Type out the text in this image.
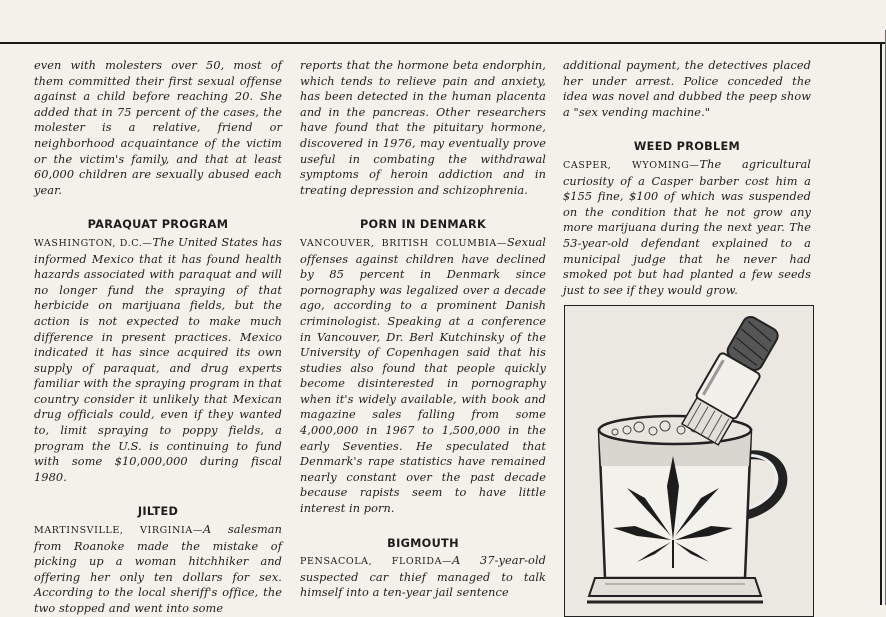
even with molesters over 50, most of them committed their first sexual offense against a child before reaching 20. She added that in 75 percent of the cases, the molester is a relative, friend or neighborhood acquaintance of the victim or the victim's family, and that at least 60,000 children are sexually abused each year.

PARAQUAT PROGRAM

WASHINGTON, D.C.—The United States has informed Mexico that it has found health hazards associated with paraquat and will no longer fund the spraying of that herbicide on marijuana fields, but the action is not expected to make much difference in present practices. Mexico indicated it has since acquired its own supply of paraquat, and drug experts familiar with the spraying program in that country consider it unlikely that Mexican drug officials could, even if they wanted to, limit spraying to poppy fields, a program the U.S. is continuing to fund with some $10,000,000 during fiscal 1980.

JILTED

MARTINSVILLE, VIRGINIA—A salesman from Roanoke made the mistake of picking up a woman hitchhiker and offering her only ten dollars for sex. According to the local sheriff's office, the two stopped and went into some

reports that the hormone beta endorphin, which tends to relieve pain and anxiety, has been detected in the human placenta and in the pancreas. Other researchers have found that the pituitary hormone, discovered in 1976, may eventually prove useful in combating the withdrawal symptoms of heroin addiction and in treating depression and schizophrenia.

PORN IN DENMARK

VANCOUVER, BRITISH COLUMBIA—Sexual offenses against children have declined by 85 percent in Denmark since pornography was legalized over a decade ago, according to a prominent Danish criminologist. Speaking at a conference in Vancouver, Dr. Berl Kutchinsky of the University of Copenhagen said that his studies also found that people quickly become disinterested in pornography when it's widely available, with book and magazine sales falling from some 4,000,000 in 1967 to 1,500,000 in the early Seventies. He speculated that Denmark's rape statistics have remained nearly constant over the past decade because rapists seem to have little interest in porn.

BIGMOUTH

PENSACOLA, FLORIDA—A 37-year-old suspected car thief managed to talk himself into a ten-year jail sentence

additional payment, the detectives placed her under arrest. Police conceded the idea was novel and dubbed the peep show a "sex vending machine."

WEED PROBLEM

CASPER, WYOMING—The agricultural curiosity of a Casper barber cost him a $155 fine, $100 of which was suspended on the condition that he not grow any more marijuana during the next year. The 53-year-old defendant explained to a municipal judge that he never had smoked pot but had planted a few seeds just to see if they would grow.
